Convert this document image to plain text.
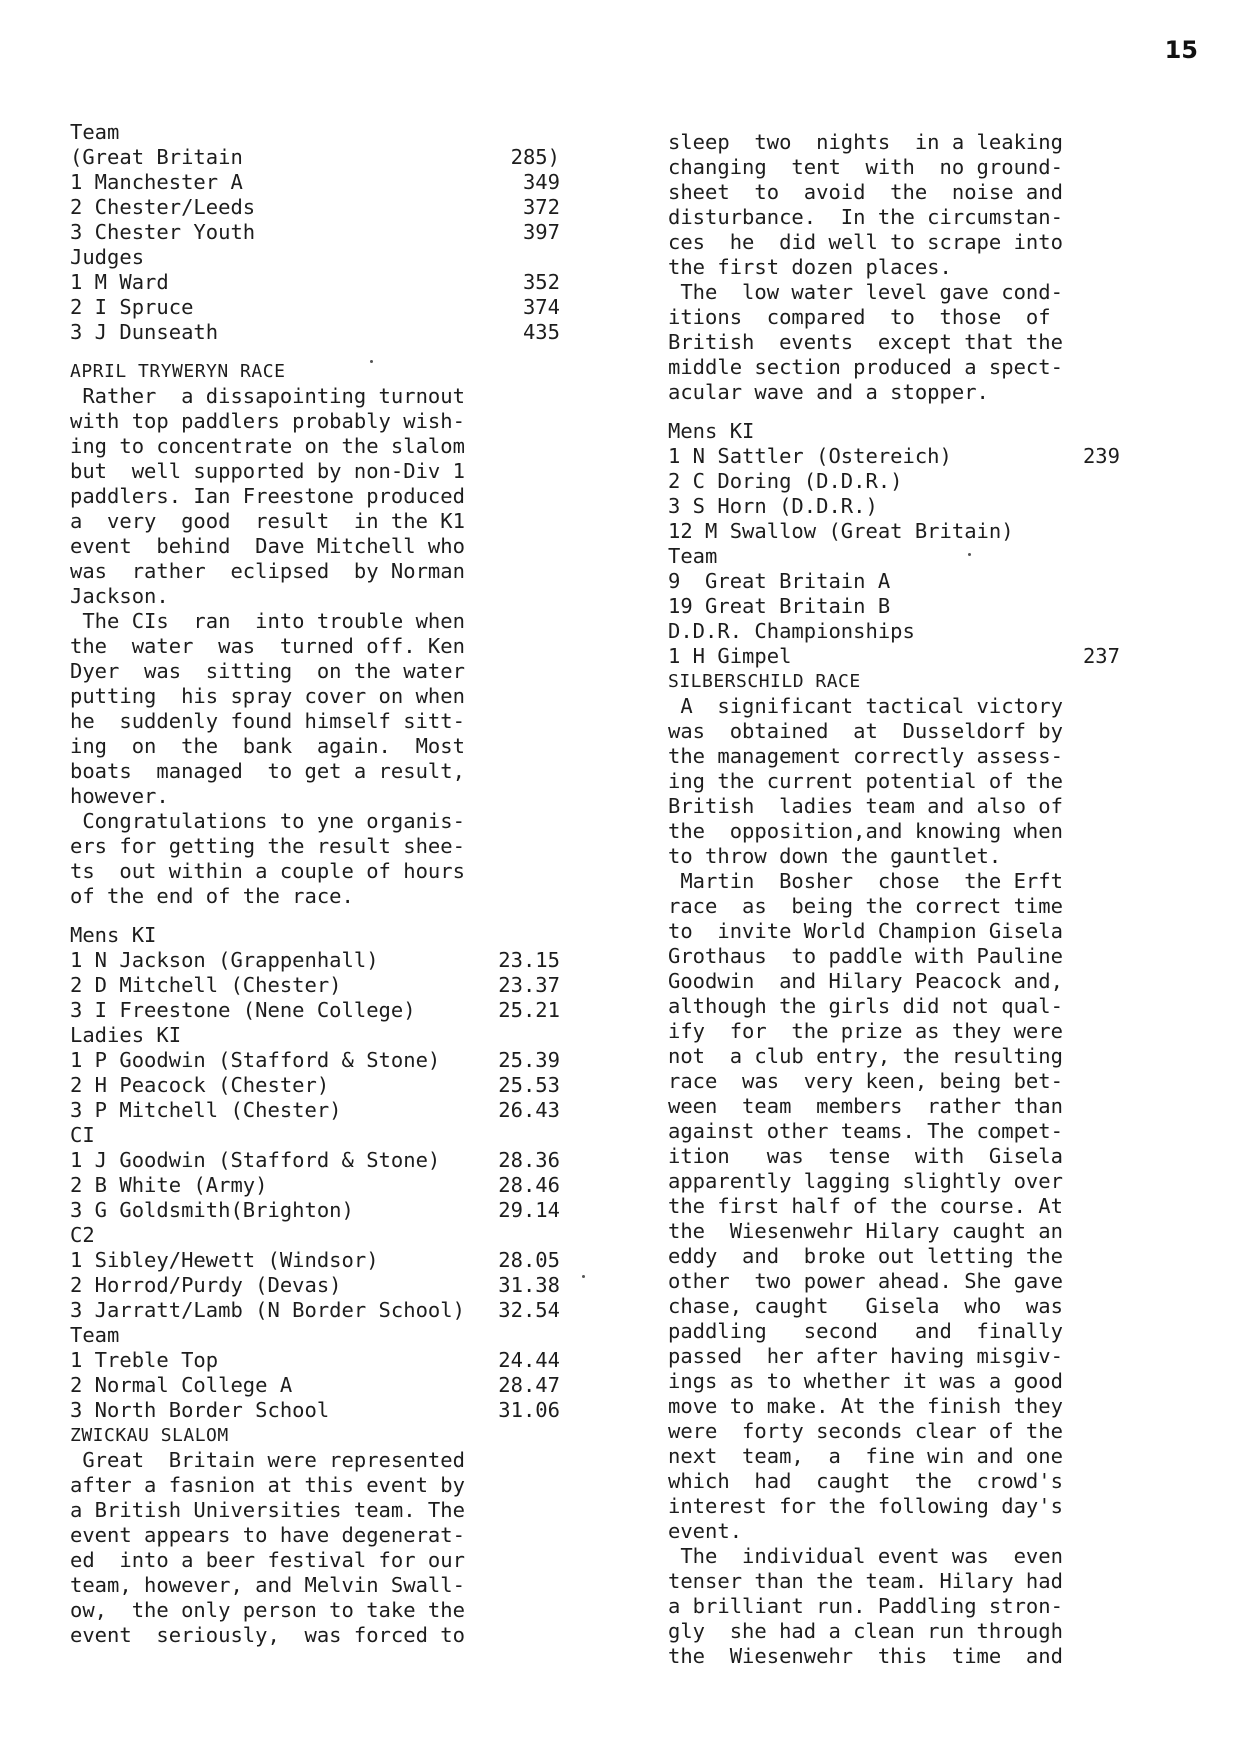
15
Team
(Great Britain	285)
1 Manchester A	349
2 Chester/Leeds	372
3 Chester Youth	397
Judges
1 M Ward	352
2 I Spruce	374
3 J Dunseath	435
APRIL TRYWERYN RACE
Rather  a dissapointing turnout
with top paddlers probably wish-
ing to concentrate on the slalom
but  well supported by non-Div 1
paddlers. Ian Freestone produced
a  very  good  result  in the K1
event  behind  Dave Mitchell who
was  rather  eclipsed  by Norman
Jackson.
The CIs  ran  into trouble when
the  water  was  turned off. Ken
Dyer  was  sitting  on the water
putting  his spray cover on when
he  suddenly found himself sitt-
ing  on  the  bank  again.  Most
boats  managed  to get a result,
however.
Congratulations to yne organis-
ers for getting the result shee-
ts  out within a couple of hours
of the end of the race.
Mens KI
1 N Jackson (Grappenhall)	23.15
2 D Mitchell (Chester)	23.37
3 I Freestone (Nene College)	25.21
Ladies KI
1 P Goodwin (Stafford & Stone)	25.39
2 H Peacock (Chester)	25.53
3 P Mitchell (Chester)	26.43
CI
1 J Goodwin (Stafford & Stone)	28.36
2 B White (Army)	28.46
3 G Goldsmith(Brighton)	29.14
C2
1 Sibley/Hewett (Windsor)	28.05
2 Horrod/Purdy (Devas)	31.38
3 Jarratt/Lamb (N Border School) 32.54
Team
1 Treble Top	24.44
2 Normal College A	28.47
3 North Border School	31.06
ZWICKAU SLALOM
Great  Britain were represented
after a fasnion at this event by
a British Universities team. The
event appears to have degenerat-
ed  into a beer festival for our
team, however, and Melvin Swall-
ow,  the only person to take the
event  seriously,  was forced to
sleep  two  nights  in a leaking
changing  tent  with  no ground-
sheet  to  avoid  the  noise and
disturbance.  In the circumstan-
ces  he  did well to scrape into
the first dozen places.
The  low water level gave cond-
itions  compared  to  those  of
British  events  except that the
middle section produced a spect-
acular wave and a stopper.
Mens KI
1 N Sattler (Ostereich)	239
2 C Doring (D.D.R.)
3 S Horn (D.D.R.)
12 M Swallow (Great Britain)
Team
9  Great Britain A
19 Great Britain B
D.D.R. Championships
1 H Gimpel	237
SILBERSCHILD RACE
A  significant tactical victory
was  obtained  at  Dusseldorf by
the management correctly assess-
ing the current potential of the
British  ladies team and also of
the  opposition,and knowing when
to throw down the gauntlet.
Martin  Bosher  chose  the Erft
race  as  being the correct time
to  invite World Champion Gisela
Grothaus  to paddle with Pauline
Goodwin  and Hilary Peacock and,
although the girls did not qual-
ify  for  the prize as they were
not  a club entry, the resulting
race  was  very keen, being bet-
ween  team  members  rather than
against other teams. The compet-
ition   was  tense  with  Gisela
apparently lagging slightly over
the first half of the course. At
the  Wiesenwehr Hilary caught an
eddy  and  broke out letting the
other  two power ahead. She gave
chase, caught   Gisela  who  was
paddling   second   and  finally
passed  her after having misgiv-
ings as to whether it was a good
move to make. At the finish they
were  forty seconds clear of the
next  team,  a  fine win and one
which  had  caught  the  crowd's
interest for the following day's
event.
The  individual event was  even
tenser than the team. Hilary had
a brilliant run. Paddling stron-
gly  she had a clean run through
the  Wiesenwehr  this  time  and
